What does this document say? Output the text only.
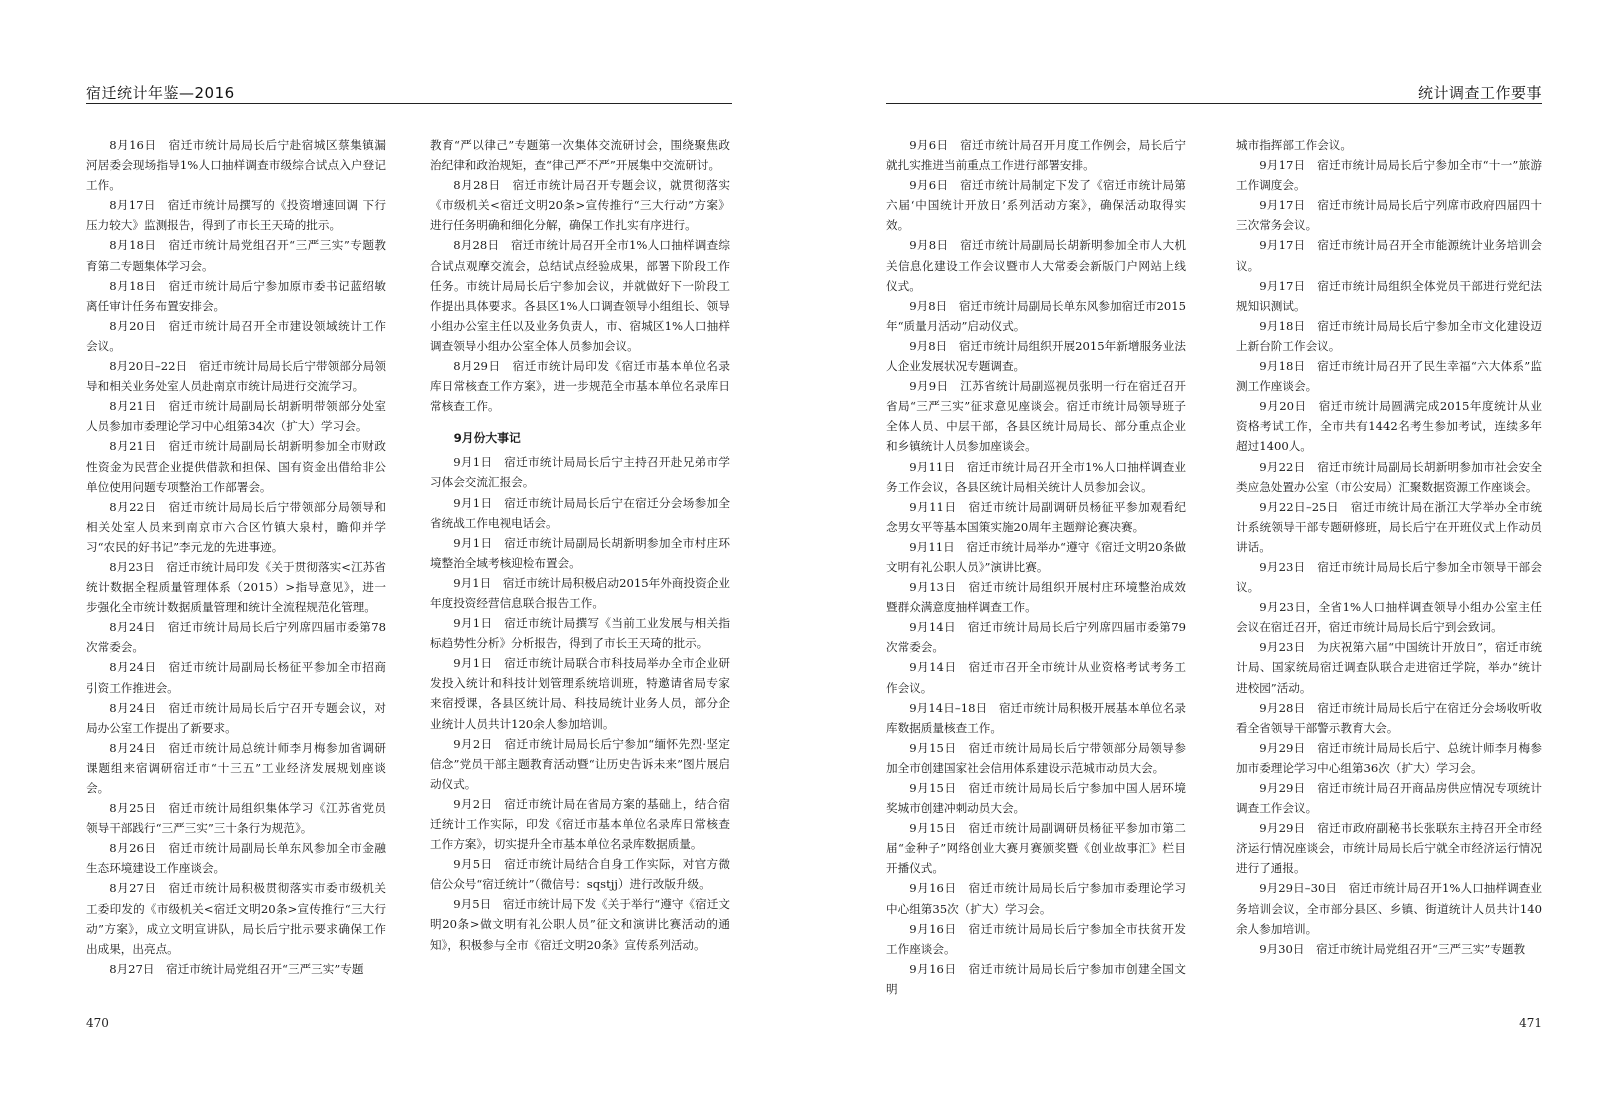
宿迁统计年鉴—2016

8月16日　宿迁市统计局局长后宁赴宿城区蔡集镇漏河居委会现场指导1%人口抽样调查市级综合试点入户登记工作。

8月17日　宿迁市统计局撰写的《投资增速回调 下行压力较大》监测报告，得到了市长王天琦的批示。

8月18日　宿迁市统计局党组召开“三严三实”专题教育第二专题集体学习会。

8月18日　宿迁市统计局后宁参加原市委书记蓝绍敏离任审计任务布置安排会。

8月20日　宿迁市统计局召开全市建设领域统计工作会议。

8月20日–22日　宿迁市统计局局长后宁带领部分局领导和相关业务处室人员赴南京市统计局进行交流学习。

8月21日　宿迁市统计局副局长胡新明带领部分处室人员参加市委理论学习中心组第34次（扩大）学习会。

8月21日　宿迁市统计局副局长胡新明参加全市财政性资金为民营企业提供借款和担保、国有资金出借给非公单位使用问题专项整治工作部署会。

8月22日　宿迁市统计局局长后宁带领部分局领导和相关处室人员来到南京市六合区竹镇大泉村，瞻仰并学习“农民的好书记”李元龙的先进事迹。

8月23日　宿迁市统计局印发《关于贯彻落实<江苏省统计数据全程质量管理体系（2015）>指导意见》，进一步强化全市统计数据质量管理和统计全流程规范化管理。

8月24日　宿迁市统计局局长后宁列席四届市委第78次常委会。

8月24日　宿迁市统计局副局长杨征平参加全市招商引资工作推进会。

8月24日　宿迁市统计局局长后宁召开专题会议，对局办公室工作提出了新要求。

8月24日　宿迁市统计局总统计师李月梅参加省调研课题组来宿调研宿迁市“十三五”工业经济发展规划座谈会。

8月25日　宿迁市统计局组织集体学习《江苏省党员领导干部践行“三严三实”三十条行为规范》。

8月26日　宿迁市统计局副局长单东风参加全市金融生态环境建设工作座谈会。

8月27日　宿迁市统计局积极贯彻落实市委市级机关工委印发的《市级机关<宿迁文明20条>宣传推行“三大行动”方案》，成立文明宣讲队，局长后宁批示要求确保工作出成果，出亮点。

8月27日　宿迁市统计局党组召开“三严三实”专题

教育“严以律己”专题第一次集体交流研讨会，围绕聚焦政治纪律和政治规矩，查“律己严不严”开展集中交流研讨。

8月28日　宿迁市统计局召开专题会议，就贯彻落实《市级机关<宿迁文明20条>宣传推行“三大行动”方案》进行任务明确和细化分解，确保工作扎实有序进行。

8月28日　宿迁市统计局召开全市1%人口抽样调查综合试点观摩交流会，总结试点经验成果，部署下阶段工作任务。市统计局局长后宁参加会议，并就做好下一阶段工作提出具体要求。各县区1%人口调查领导小组组长、领导小组办公室主任以及业务负责人，市、宿城区1%人口抽样调查领导小组办公室全体人员参加会议。

8月29日　宿迁市统计局印发《宿迁市基本单位名录库日常核查工作方案》，进一步规范全市基本单位名录库日常核查工作。

9月份大事记

9月1日　宿迁市统计局局长后宁主持召开赴兄弟市学习体会交流汇报会。

9月1日　宿迁市统计局局长后宁在宿迁分会场参加全省统战工作电视电话会。

9月1日　宿迁市统计局副局长胡新明参加全市村庄环境整治全域考核迎检布置会。

9月1日　宿迁市统计局积极启动2015年外商投资企业年度投资经营信息联合报告工作。

9月1日　宿迁市统计局撰写《当前工业发展与相关指标趋势性分析》分析报告，得到了市长王天琦的批示。

9月1日　宿迁市统计局联合市科技局举办全市企业研发投入统计和科技计划管理系统培训班，特邀请省局专家来宿授课，各县区统计局、科技局统计业务人员，部分企业统计人员共计120余人参加培训。

9月2日　宿迁市统计局局长后宁参加“缅怀先烈·坚定信念”党员干部主题教育活动暨“让历史告诉未来”图片展启动仪式。

9月2日　宿迁市统计局在省局方案的基础上，结合宿迁统计工作实际，印发《宿迁市基本单位名录库日常核查工作方案》，切实提升全市基本单位名录库数据质量。

9月5日　宿迁市统计局结合自身工作实际，对官方微信公众号“宿迁统计”（微信号：sqstjj）进行改版升级。

9月5日　宿迁市统计局下发《关于举行“遵守《宿迁文明20条>做文明有礼公职人员”征文和演讲比赛活动的通知》，积极参与全市《宿迁文明20条》宣传系列活动。

470
统计调查工作要事

9月6日　宿迁市统计局召开月度工作例会，局长后宁就扎实推进当前重点工作进行部署安排。

9月6日　宿迁市统计局制定下发了《宿迁市统计局第六届‘中国统计开放日’系列活动方案》，确保活动取得实效。

9月8日　宿迁市统计局副局长胡新明参加全市人大机关信息化建设工作会议暨市人大常委会新版门户网站上线仪式。

9月8日　宿迁市统计局副局长单东风参加宿迁市2015年“质量月活动”启动仪式。

9月8日　宿迁市统计局组织开展2015年新增服务业法人企业发展状况专题调查。

9月9日　江苏省统计局副巡视员张明一行在宿迁召开省局“三严三实”征求意见座谈会。宿迁市统计局领导班子全体人员、中层干部，各县区统计局局长、部分重点企业和乡镇统计人员参加座谈会。

9月11日　宿迁市统计局召开全市1%人口抽样调查业务工作会议，各县区统计局相关统计人员参加会议。

9月11日　宿迁市统计局副调研员杨征平参加观看纪念男女平等基本国策实施20周年主题辩论赛决赛。

9月11日　宿迁市统计局举办“遵守《宿迁文明20条做文明有礼公职人员》”演讲比赛。

9月13日　宿迁市统计局组织开展村庄环境整治成效暨群众满意度抽样调查工作。

9月14日　宿迁市统计局局长后宁列席四届市委第79次常委会。

9月14日　宿迁市召开全市统计从业资格考试考务工作会议。

9月14日–18日　宿迁市统计局积极开展基本单位名录库数据质量核查工作。

9月15日　宿迁市统计局局长后宁带领部分局领导参加全市创建国家社会信用体系建设示范城市动员大会。

9月15日　宿迁市统计局局长后宁参加中国人居环境奖城市创建冲刺动员大会。

9月15日　宿迁市统计局副调研员杨征平参加市第二届“金种子”网络创业大赛月赛颁奖暨《创业故事汇》栏目开播仪式。

9月16日　宿迁市统计局局长后宁参加市委理论学习中心组第35次（扩大）学习会。

9月16日　宿迁市统计局局长后宁参加全市扶贫开发工作座谈会。

9月16日　宿迁市统计局局长后宁参加市创建全国文明

城市指挥部工作会议。

9月17日　宿迁市统计局局长后宁参加全市“十一”旅游工作调度会。

9月17日　宿迁市统计局局长后宁列席市政府四届四十三次常务会议。

9月17日　宿迁市统计局召开全市能源统计业务培训会议。

9月17日　宿迁市统计局组织全体党员干部进行党纪法规知识测试。

9月18日　宿迁市统计局局长后宁参加全市文化建设迈上新台阶工作会议。

9月18日　宿迁市统计局召开了民生幸福“六大体系”监测工作座谈会。

9月20日　宿迁市统计局圆满完成2015年度统计从业资格考试工作，全市共有1442名考生参加考试，连续多年超过1400人。

9月22日　宿迁市统计局副局长胡新明参加市社会安全类应急处置办公室（市公安局）汇聚数据资源工作座谈会。

9月22日–25日　宿迁市统计局在浙江大学举办全市统计系统领导干部专题研修班，局长后宁在开班仪式上作动员讲话。

9月23日　宿迁市统计局局长后宁参加全市领导干部会议。

9月23日，全省1%人口抽样调查领导小组办公室主任会议在宿迁召开，宿迁市统计局局长后宁到会致词。

9月23日　为庆祝第六届“中国统计开放日”，宿迁市统计局、国家统局宿迁调查队联合走进宿迁学院，举办“统计进校园”活动。

9月28日　宿迁市统计局局长后宁在宿迁分会场收听收看全省领导干部警示教育大会。

9月29日　宿迁市统计局局长后宁、总统计师李月梅参加市委理论学习中心组第36次（扩大）学习会。

9月29日　宿迁市统计局召开商品房供应情况专项统计调查工作会议。

9月29日　宿迁市政府副秘书长张联东主持召开全市经济运行情况座谈会，市统计局局长后宁就全市经济运行情况进行了通报。

9月29日–30日　宿迁市统计局召开1%人口抽样调查业务培训会议，全市部分县区、乡镇、街道统计人员共计140余人参加培训。

9月30日　宿迁市统计局党组召开“三严三实”专题教

471
